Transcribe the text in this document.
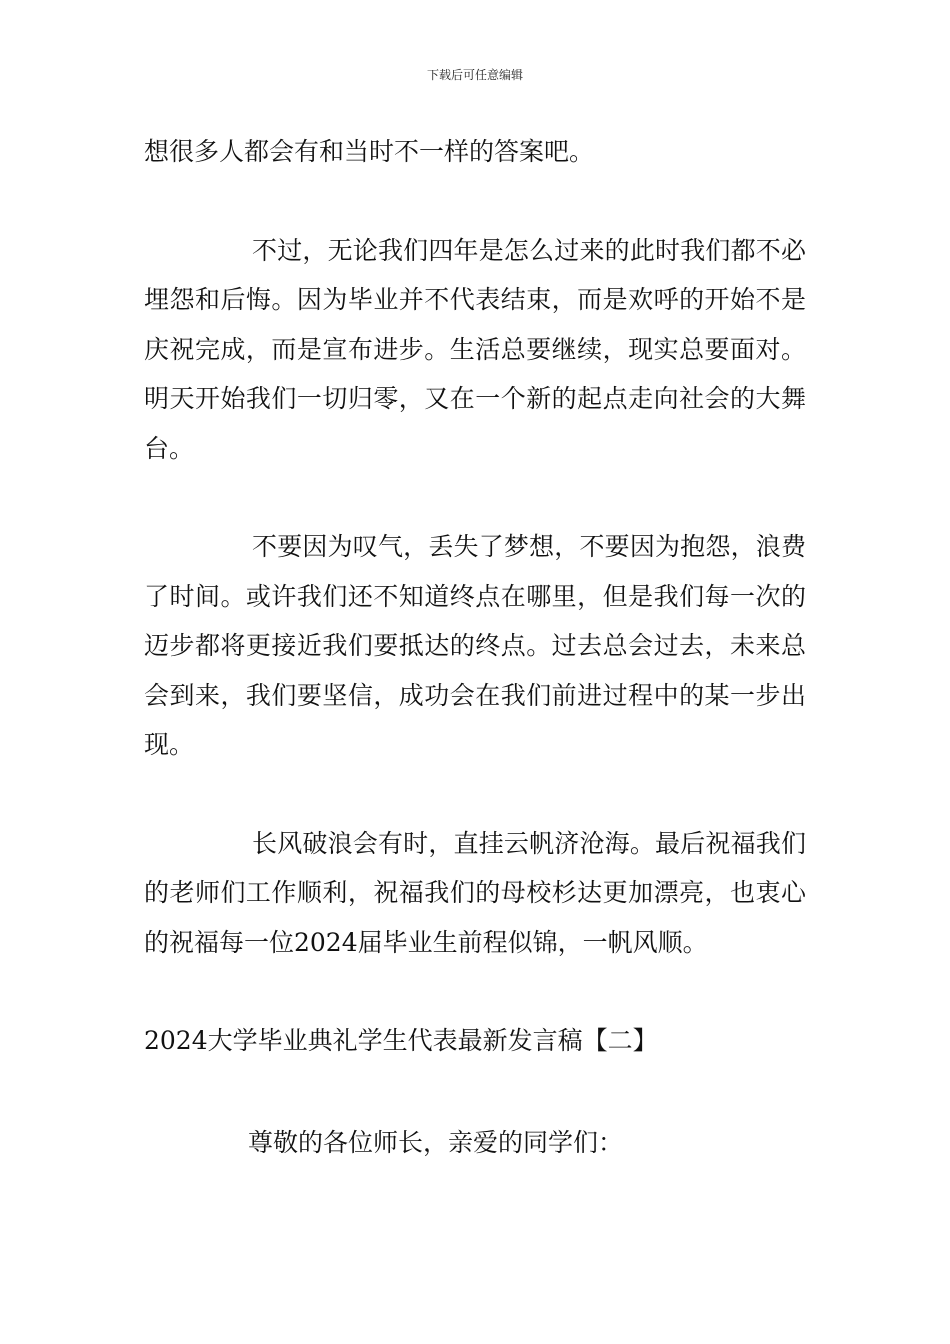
下载后可任意编辑

想很多人都会有和当时不一样的答案吧。

不过，无论我们四年是怎么过来的此时我们都不必埋怨和后悔。因为毕业并不代表结束，而是欢呼的开始不是庆祝完成，而是宣布进步。生活总要继续，现实总要面对。明天开始我们一切归零，又在一个新的起点走向社会的大舞台。

不要因为叹气，丢失了梦想，不要因为抱怨，浪费了时间。或许我们还不知道终点在哪里，但是我们每一次的迈步都将更接近我们要抵达的终点。过去总会过去，未来总会到来，我们要坚信，成功会在我们前进过程中的某一步出现。

长风破浪会有时，直挂云帆济沧海。最后祝福我们的老师们工作顺利，祝福我们的母校杉达更加漂亮，也衷心的祝福每一位2024届毕业生前程似锦，一帆风顺。

2024大学毕业典礼学生代表最新发言稿【二】

尊敬的各位师长，亲爱的同学们：
